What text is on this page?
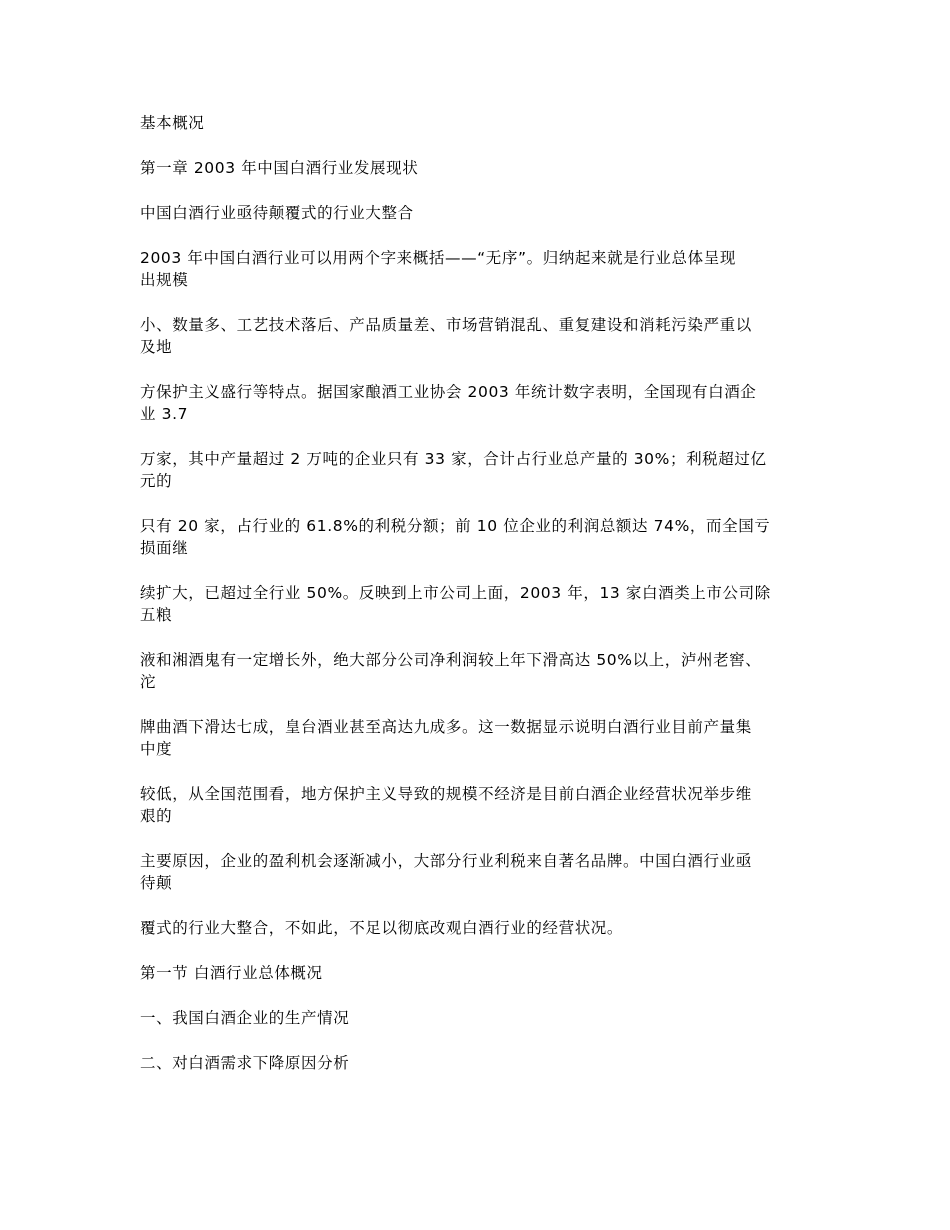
基本概况

第一章 2003 年中国白酒行业发展现状

中国白酒行业亟待颠覆式的行业大整合

2003 年中国白酒行业可以用两个字来概括——“无序”。归纳起来就是行业总体呈现

出规模

小、数量多、工艺技术落后、产品质量差、市场营销混乱、重复建设和消耗污染严重以

及地

方保护主义盛行等特点。据国家酿酒工业协会 2003 年统计数字表明，全国现有白酒企

业 3.7

万家，其中产量超过 2 万吨的企业只有 33 家，合计占行业总产量的 30%；利税超过亿

元的

只有 20 家，占行业的 61.8%的利税分额；前 10 位企业的利润总额达 74%，而全国亏

损面继

续扩大，已超过全行业 50%。反映到上市公司上面，2003 年，13 家白酒类上市公司除

五粮

液和湘酒鬼有一定增长外，绝大部分公司净利润较上年下滑高达 50%以上，泸州老窖、

沱

牌曲酒下滑达七成，皇台酒业甚至高达九成多。这一数据显示说明白酒行业目前产量集

中度

较低，从全国范围看，地方保护主义导致的规模不经济是目前白酒企业经营状况举步维

艰的

主要原因，企业的盈利机会逐渐减小，大部分行业利税来自著名品牌。中国白酒行业亟

待颠

覆式的行业大整合，不如此，不足以彻底改观白酒行业的经营状况。

第一节 白酒行业总体概况

一、我国白酒企业的生产情况

二、对白酒需求下降原因分析
